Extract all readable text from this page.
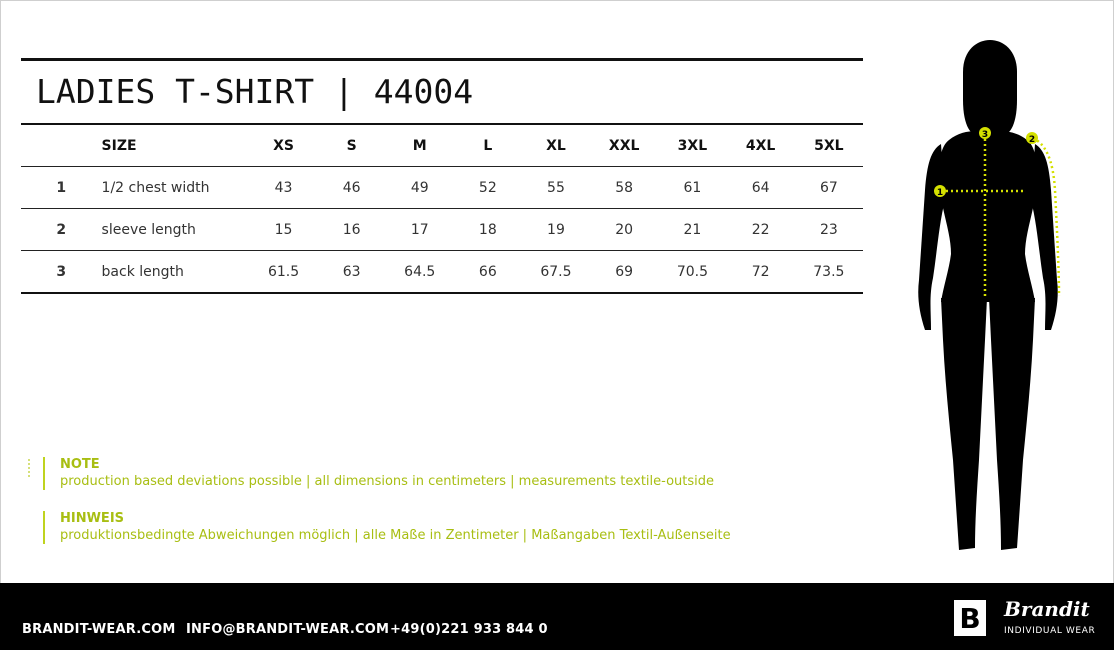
LADIES T-SHIRT | 44004
	SIZE	XS	S	M	L	XL	XXL	3XL	4XL	5XL
1	1/2 chest width	43	46	49	52	55	58	61	64	67
2	sleeve length	15	16	17	18	19	20	21	22	23
3	back length	61.5	63	64.5	66	67.5	69	70.5	72	73.5
NOTE
production based deviations possible | all dimensions in centimeters | measurements textile-outside
HINWEIS
produktionsbedingte Abweichungen möglich | alle Maße in Zentimeter | Maßangaben Textil-Außenseite
1
2
3
BRANDIT-WEAR.COM INFO@BRANDIT-WEAR.COM +49(0)221 933 844 0	B Brandit
INDIVIDUAL WEAR
